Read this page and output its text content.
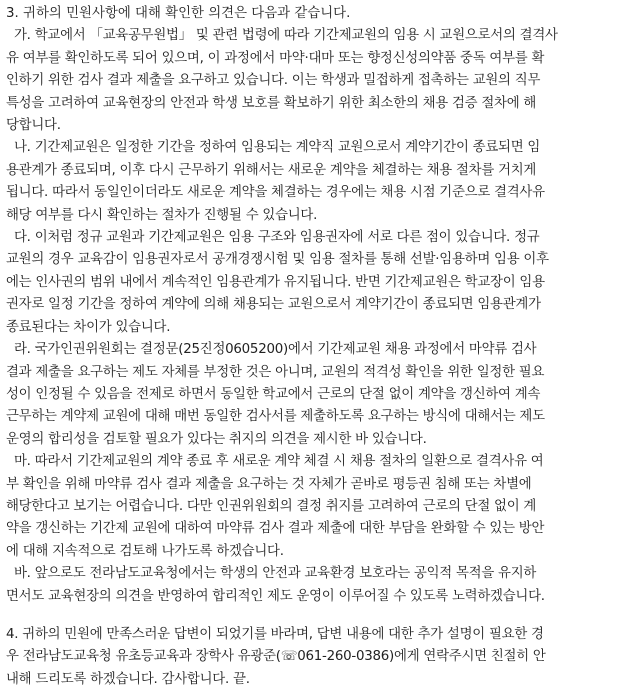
3. 귀하의 민원사항에 대해 확인한 의견은 다음과 같습니다.

가. 학교에서 「교육공무원법」 및 관련 법령에 따라 기간제교원의 임용 시 교원으로서의 결격사
유 여부를 확인하도록 되어 있으며, 이 과정에서 마약·대마 또는 향정신성의약품 중독 여부를 확
인하기 위한 검사 결과 제출을 요구하고 있습니다. 이는 학생과 밀접하게 접촉하는 교원의 직무
특성을 고려하여 교육현장의 안전과 학생 보호를 확보하기 위한 최소한의 채용 검증 절차에 해
당합니다.
나. 기간제교원은 일정한 기간을 정하여 임용되는 계약직 교원으로서 계약기간이 종료되면 임
용관계가 종료되며, 이후 다시 근무하기 위해서는 새로운 계약을 체결하는 채용 절차를 거치게
됩니다. 따라서 동일인이더라도 새로운 계약을 체결하는 경우에는 채용 시점 기준으로 결격사유
해당 여부를 다시 확인하는 절차가 진행될 수 있습니다.
다. 이처럼 정규 교원과 기간제교원은 임용 구조와 임용권자에 서로 다른 점이 있습니다. 정규
교원의 경우 교육감이 임용권자로서 공개경쟁시험 및 임용 절차를 통해 선발·임용하며 임용 이후
에는 인사권의 범위 내에서 계속적인 임용관계가 유지됩니다. 반면 기간제교원은 학교장이 임용
권자로 일정 기간을 정하여 계약에 의해 채용되는 교원으로서 계약기간이 종료되면 임용관계가
종료된다는 차이가 있습니다.
라. 국가인권위원회는 결정문(25진정0605200)에서 기간제교원 채용 과정에서 마약류 검사
결과 제출을 요구하는 제도 자체를 부정한 것은 아니며, 교원의 적격성 확인을 위한 일정한 필요
성이 인정될 수 있음을 전제로 하면서 동일한 학교에서 근로의 단절 없이 계약을 갱신하여 계속
근무하는 계약제 교원에 대해 매번 동일한 검사서를 제출하도록 요구하는 방식에 대해서는 제도
운영의 합리성을 검토할 필요가 있다는 취지의 의견을 제시한 바 있습니다.
마. 따라서 기간제교원의 계약 종료 후 새로운 계약 체결 시 채용 절차의 일환으로 결격사유 여
부 확인을 위해 마약류 검사 결과 제출을 요구하는 것 자체가 곧바로 평등권 침해 또는 차별에
해당한다고 보기는 어렵습니다. 다만 인권위원회의 결정 취지를 고려하여 근로의 단절 없이 계
약을 갱신하는 기간제 교원에 대하여 마약류 검사 결과 제출에 대한 부담을 완화할 수 있는 방안
에 대해 지속적으로 검토해 나가도록 하겠습니다.
바. 앞으로도 전라남도교육청에서는 학생의 안전과 교육환경 보호라는 공익적 목적을 유지하
면서도 교육현장의 의견을 반영하여 합리적인 제도 운영이 이루어질 수 있도록 노력하겠습니다.
4. 귀하의 민원에 만족스러운 답변이 되었기를 바라며, 답변 내용에 대한 추가 설명이 필요한 경
우 전라남도교육청 유초등교육과 장학사 유광준(☏061-260-0386)에게 연락주시면 친절히 안
내해 드리도록 하겠습니다. 감사합니다. 끝.
